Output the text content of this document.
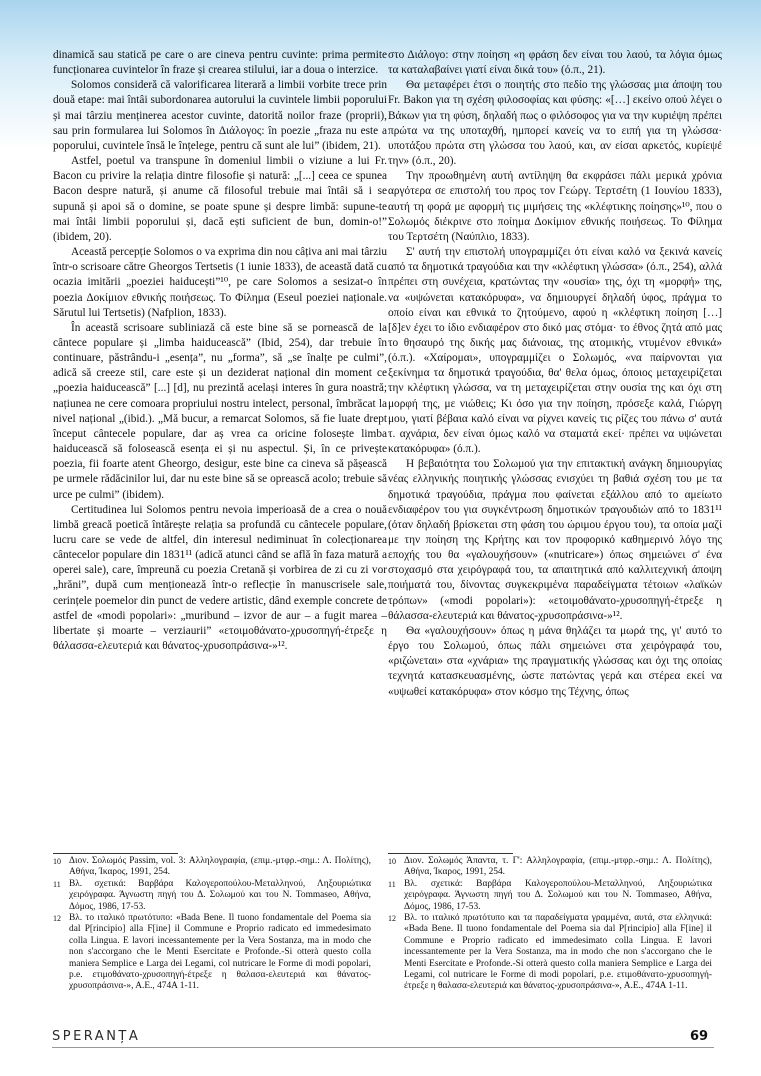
dinamică sau statică pe care o are cineva pentru cuvinte: prima permite funcționarea cuvintelor în fraze și crearea stilului, iar a doua o interzice.

Solomos consideră că valorificarea literară a limbii vorbite trece prin două etape: mai întâi subordonarea autorului la cuvintele limbii poporului și mai târziu menținerea acestor cuvinte, datorită noilor fraze (proprii), sau prin formularea lui Solomos în Διάλογος: în poezie „fraza nu este a poporului, cuvintele însă le înțelege, pentru că sunt ale lui” (ibidem, 21).

Astfel, poetul va transpune în domeniul limbii o viziune a lui Fr. Bacon cu privire la relația dintre filosofie și natură: „[...] ceea ce spunea Bacon despre natură, și anume că filosoful trebuie mai întâi să i se supună și apoi să o domine, se poate spune și despre limbă: supune-te mai întâi limbii poporului și, dacă ești suficient de bun, domin-o!” (ibidem, 20).

Această percepție Solomos o va exprima din nou câțiva ani mai târziu într-o scrisoare către Gheorgos Tertsetis (1 iunie 1833), de această dată cu ocazia imitării „poeziei haiducești”¹⁰, pe care Solomos a sesizat-o în poezia Δοκίμιον εθνικής ποιήσεως. Το Φίλημα (Eseul poeziei naționale. Sărutul lui Tertsetis) (Nafplion, 1833).

În această scrisoare subliniază că este bine să se pornească de la cântece populare și „limba haiducească” (Ibid, 254), dar trebuie în continuare, păstrându-i „esența”, nu „forma”, să „se înalțe pe culmi”, adică să creeze stil, care este și un deziderat național din moment ce „poezia haiducească” [...] [d], nu prezintă același interes în gura noastră; națiunea ne cere comoara propriului nostru intelect, personal, îmbrăcat la nivel național „(ibid.). „Mă bucur, a remarcat Solomos, să fie luate drept început cântecele populare, dar aș vrea ca oricine folosește limba haiducească să folosească esența ei și nu aspectul. Și, în ce privește poezia, fii foarte atent Gheorgo, desigur, este bine ca cineva să pășească pe urmele rădăcinilor lui, dar nu este bine să se oprească acolo; trebuie să urce pe culmi” (ibidem).

Certitudinea lui Solomos pentru nevoia imperioasă de a crea o nouă limbă greacă poetică întărește relația sa profundă cu cântecele populare, lucru care se vede de altfel, din interesul nediminuat în colecționarea cântecelor populare din 1831¹¹ (adică atunci când se află în faza matură a operei sale), care, împreună cu poezia Cretană și vorbirea de zi cu zi vor „hrăni”, după cum menționează într-o reflecție în manuscrisele sale, cerințele poemelor din punct de vedere artistic, dând exemple concrete de astfel de «modi popolari»: „muribund – izvor de aur – a fugit marea – libertate și moarte – verziaurii” «ετοιμοθάνατο-χρυσοπηγή-έτρεξε η θάλασσα-ελευτεριά και θάνατος-χρυσοπράσινα-»¹².

στο Διάλογο: στην ποίηση «η φράση δεν είναι του λαού, τα λόγια όμως τα καταλαβαίνει γιατί είναι δικά του» (ό.π., 21).

Θα μεταφέρει έτσι ο ποιητής στο πεδίο της γλώσσας μια άποψη του Fr. Bakon για τη σχέση φιλοσοφίας και φύσης: «[…] εκείνο οπού λέγει ο Βάκων για τη φύση, δηλαδή πως ο φιλόσοφος για να την κυριέψη πρέπει πρώτα να της υποταχθή, ημπορεί κανείς να το ειπή για τη γλώσσα· υποτάξου πρώτα στη γλώσσα του λαού, και, αν είσαι αρκετός, κυρίεψέ την» (ό.π., 20).

Την προωθημένη αυτή αντίληψη θα εκφράσει πάλι μερικά χρόνια αργότερα σε επιστολή του προς τον Γεώργ. Τερτσέτη (1 Ιουνίου 1833), αυτή τη φορά με αφορμή τις μιμήσεις της «κλέφτικης ποίησης»¹⁰, που ο Σολωμός διέκρινε στο ποίημα Δοκίμιον εθνικής ποιήσεως. Το Φίλημα του Τερτσέτη (Ναύπλιο, 1833).

Σ' αυτή την επιστολή υπογραμμίζει ότι είναι καλό να ξεκινά κανείς από τα δημοτικά τραγούδια και την «κλέφτικη γλώσσα» (ό.π., 254), αλλά πρέπει στη συνέχεια, κρατώντας την «ουσία» της, όχι τη «μορφή» της, να «υψώνεται κατακόρυφα», να δημιουργεί δηλαδή ύφος, πράγμα το οποίο είναι και εθνικά το ζητούμενο, αφού η «κλέφτικη ποίηση […] [δ]εν έχει το ίδιο ενδιαφέρον στο δικό μας στόμα· το έθνος ζητά από μας το θησαυρό της δικής μας διάνοιας, της ατομικής, ντυμένον εθνικά» (ό.π.). «Χαίρομαι», υπογραμμίζει ο Σολωμός, «να παίρνονται για ξεκίνημα τα δημοτικά τραγούδια, θα' θελα όμως, όποιος μεταχειρίζεται την κλέφτικη γλώσσα, να τη μεταχειρίζεται στην ουσία της και όχι στη μορφή της, με νιώθεις; Κι όσο για την ποίηση, πρόσεξε καλά, Γιώργη μου, γιατί βέβαια καλό είναι να ρίχνει κανείς τις ρίζες του πάνω σ' αυτά τ. αχνάρια, δεν είναι όμως καλό να σταματά εκεί· πρέπει να υψώνεται κατακόρυφα» (ό.π.).

Η βεβαιότητα του Σολωμού για την επιτακτική ανάγκη δημιουργίας νέας ελληνικής ποιητικής γλώσσας ενισχύει τη βαθιά σχέση του με τα δημοτικά τραγούδια, πράγμα που φαίνεται εξάλλου από το αμείωτο ενδιαφέρον του για συγκέντρωση δημοτικών τραγουδιών από το 1831¹¹ (όταν δηλαδή βρίσκεται στη φάση του ώριμου έργου του), τα οποία μαζί με την ποίηση της Κρήτης και τον προφορικό καθημερινό λόγο της εποχής του θα «γαλουχήσουν» («nutricare») όπως σημειώνει σ' ένα στοχασμό στα χειρόγραφά του, τα απαιτητικά από καλλιτεχνική άποψη ποιήματά του, δίνοντας συγκεκριμένα παραδείγματα τέτοιων «λαϊκών τρόπων» («modi popolari»): «ετοιμοθάνατο-χρυσοπηγή-έτρεξε η θάλασσα-ελευτεριά και θάνατος-χρυσοπράσινα-»¹².

Θα «γαλουχήσουν» όπως η μάνα θηλάζει τα μωρά της, γι' αυτό το έργο του Σολωμού, όπως πάλι σημειώνει στα χειρόγραφά του, «ριζώνεται» στα «χνάρια» της πραγματικής γλώσσας και όχι της οποίας τεχνητά κατασκευασμένης, ώστε πατώντας γερά και στέρεα εκεί να «υψωθεί κατακόρυφα» στον κόσμο της Τέχνης, όπως

10 Διον. Σολωμός Passim, vol. 3: Αλληλογραφία, (επιμ.-μτφρ.-σημ.: Λ. Πολίτης), Αθήνα, Ίκαρος, 1991, 254.
11 Βλ. σχετικά: Βαρβάρα Καλογεροπούλου-Μεταλληνού, Ληξουριώτικα χειρόγραφα. Άγνωστη πηγή του Δ. Σολωμού και του N. Tommaseo, Αθήνα, Δόμος, 1986, 17-53.
12 Βλ. το ιταλικό πρωτότυπο: «Bada Bene. Il tuono fondamentale del Poema sia dal P[rincipio] alla F[ine] il Commune e Proprio radicato ed immedesimato colla Lingua. E lavori incessantemente per la Vera Sostanza, ma in modo che non s'accorgano che le Menti Esercitate e Profonde.-Si otterà questo colla maniera Semplice e Larga dei Legami, col nutricare le Forme di modi popolari, p.e. ετιμοθάνατο-χρυσοπηγή-έτρεξε η θαλασα-ελευτεριά και θάνατος-χρυσοπράσινα-», Α.Ε., 474Α 1-11.
10 Διον. Σολωμός Άπαντα, τ. Γ': Αλληλογραφία, (επιμ.-μτφρ.-σημ.: Λ. Πολίτης), Αθήνα, Ίκαρος, 1991, 254.
11 Βλ. σχετικά: Βαρβάρα Καλογεροπούλου-Μεταλληνού, Ληξουριώτικα χειρόγραφα. Άγνωστη πηγή του Δ. Σολωμού και του N. Tommaseo, Αθήνα, Δόμος, 1986, 17-53.
12 Βλ. το ιταλικό πρωτότυπο και τα παραδείγματα γραμμένα, αυτά, στα ελληνικά: «Bada Bene. Il tuono fondamentale del Poema sia dal P[rincipio] alla F[ine] il Commune e Proprio radicato ed immedesimato colla Lingua. E lavori incessantemente per la Vera Sostanza, ma in modo che non s'accorgano che le Menti Esercitate e Profonde.-Si otterà questo colla maniera Semplice e Larga dei Legami, col nutricare le Forme di modi popolari, p.e. ετιμοθάνατο-χρυσοπηγή-έτρεξε η θαλασα-ελευτεριά και θάνατος-χρυσοπράσινα-», Α.Ε., 474Α 1-11.
SPERANȚA	69
